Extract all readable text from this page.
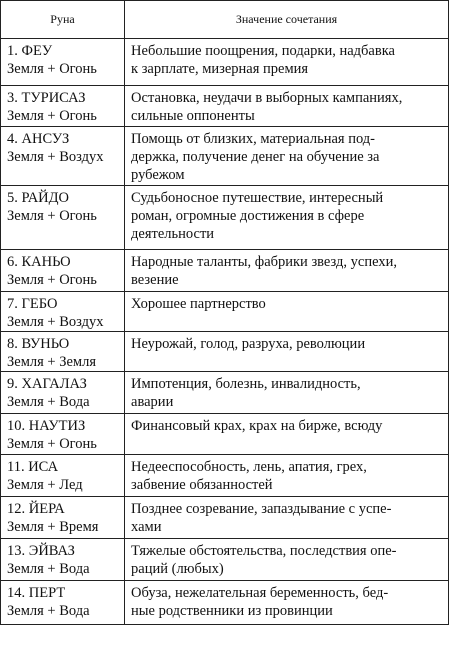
Руна	Значение сочетания

1. ФЕУ
Земля + Огонь	Небольшие поощрения, подарки, надбавка
к зарплате, мизерная премия

3. ТУРИСАЗ
Земля + Огонь	Остановка, неудачи в выборных кампаниях,
сильные оппоненты

4. АНСУЗ
Земля + Воздух	Помощь от близких, материальная под-
держка, получение денег на обучение за
рубежом

5. РАЙДО
Земля + Огонь	Судьбоносное путешествие, интересный
роман, огромные достижения в сфере
деятельности

6. КАНЬО
Земля + Огонь	Народные таланты, фабрики звезд, успехи,
везение

7. ГЕБО
Земля + Воздух	Хорошее партнерство

8. ВУНЬО
Земля + Земля	Неурожай, голод, разруха, революции

9. ХАГАЛАЗ
Земля + Вода	Импотенция, болезнь, инвалидность,
аварии

10. НАУТИЗ
Земля + Огонь	Финансовый крах, крах на бирже, всюду

11. ИСА
Земля + Лед	Недееспособность, лень, апатия, грех,
забвение обязанностей

12. ЙЕРА
Земля + Время	Позднее созревание, запаздывание с успе-
хами

13. ЭЙВАЗ
Земля + Вода	Тяжелые обстоятельства, последствия опе-
раций (любых)

14. ПЕРТ
Земля + Вода	Обуза, нежелательная беременность, бед-
ные родственники из провинции
